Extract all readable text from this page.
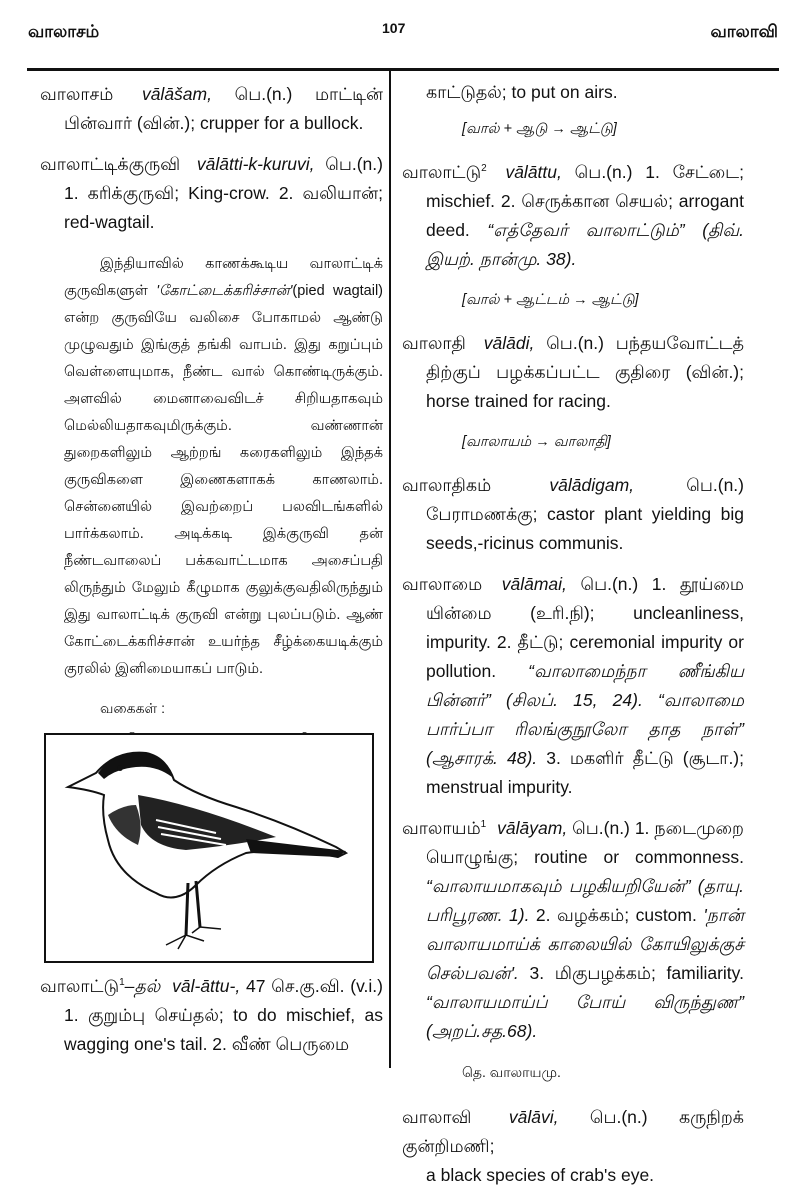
வாலாசம்	107	வாலாவி
வாலாசம் vālāšam, பெ.(n.) மாட்டின்
பின்வார் (வின்.); crupper for a bullock.
வாலாட்டிக்குருவி vālātti-k-kuruvi, பெ.(n.)
1. கரிக்குருவி; King-crow. 2. வலியான்; red-wagtail.

இந்தியாவில் காணக்கூடிய வாலாட்டிக் குருவிகளுள் 'கோட்டைக்கரிச்சான்'(pied wagtail) என்ற குருவியே வலிசை போகாமல் ஆண்டு முழுவதும் இங்குத் தங்கி வாபம். இது கறுப்பும் வெள்ளையுமாக, நீண்ட வால் கொண்டிருக்கும். அளவில் மைனாவைவிடச் சிறியதாகவும் மெல்லியதாகவுமிருக்கும். வண்ணான் துறைகளிலும் ஆற்றங் கரைகளிலும் இந்தக் குருவிகளை இணைகளாகக் காணலாம். சென்னையில் இவற்றைப் பலவிடங்களில் பார்க்கலாம். அடிக்கடி இக்குருவி தன் நீண்டவாலைப் பக்கவாட்டமாக அசைப்பதி லிருந்தும் மேலும் கீழுமாக குலுக்குவதிலிருந்தும் இது வாலாட்டிக் குருவி என்று புலப்படும். ஆண் கோட்டைக்கரிச்சான் உயர்ந்த சீழ்க்கையடிக்கும் குரலில் இனிமையாகப் பாடும்.

வகைகள் :
வாலாட்டு$^1$–தல் vāl-āttu-, 47 செ.கு.வி. (v.i.)
1. குறும்பு செய்தல்; to do mischief, as wagging one's tail. 2. வீண் பெருமை
காட்டுதல்; to put on airs.
[வால் + ஆடு → ஆட்டு]
வாலாட்டு$^2$ vālāttu, பெ.(n.) 1. சேட்டை;
mischief. 2. செருக்கான செயல்; arrogant deed. “எத்தேவர் வாலாட்டும்” (திவ். இயற். நான்மு. 38).
[வால் + ஆட்டம் → ஆட்டு]
வாலாதி vālādi, பெ.(n.) பந்தயவோட்டத்
திற்குப் பழக்கப்பட்ட குதிரை (வின்.); horse trained for racing.
[வாலாயம் → வாலாதி]
வாலாதிகம்	vālādigam,	பெ.(n.)
பேராமணக்கு; castor plant yielding big seeds,-ricinus communis.
வாலாமை vālāmai, பெ.(n.) 1. தூய்மை
யின்மை (உரி.நி); uncleanliness, impurity. 2. தீட்டு; ceremonial impurity or pollution. “வாலாமைந்நா ணீங்கிய பின்னர்” (சிலப். 15, 24). “வாலாமை பார்ப்பா ரிலங்குநூலோ தாத நாள்” (ஆசாரக். 48). 3. மகளிர் தீட்டு (சூடா.); menstrual impurity.
வாலாயம்$^1$ vālāyam, பெ.(n.) 1. நடைமுறை
யொழுங்கு; routine or commonness. “வாலாயமாகவும் பழகியறியேன்” (தாயு. பரிபூரண. 1). 2. வழக்கம்; custom. 'நான் வாலாயமாய்க் காலையில் கோயிலுக்குச் செல்பவன்'. 3. மிகுபழக்கம்; familiarity. “வாலாயமாய்ப் போய் விருந்துண” (அறப்.சத.68).
தெ. வாலாயமு.
வாலாவி vālāvi, பெ.(n.) கருநிறக் குன்றிமணி;
a black species of crab's eye.
